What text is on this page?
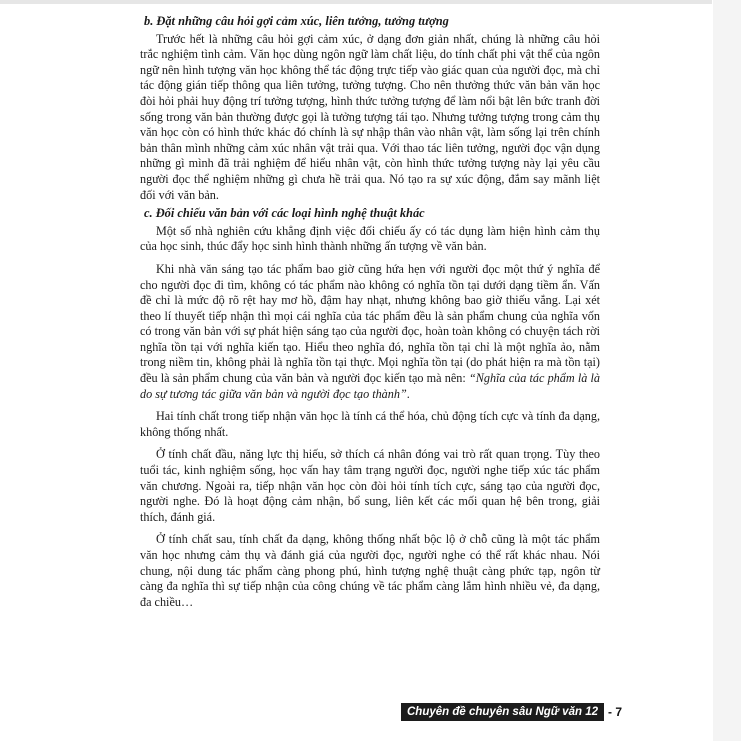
b. Đặt những câu hỏi gợi cảm xúc, liên tưởng, tưởng tượng

Trước hết là những câu hỏi gợi cảm xúc, ở dạng đơn giản nhất, chúng là những câu hỏi trắc nghiệm tình cảm. Văn học dùng ngôn ngữ làm chất liệu, do tính chất phi vật thể của ngôn ngữ nên hình tượng văn học không thể tác động trực tiếp vào giác quan của người đọc, mà chỉ tác động gián tiếp thông qua liên tưởng, tưởng tượng. Cho nên thưởng thức văn bản văn học đòi hỏi phải huy động trí tưởng tượng, hình thức tưởng tượng để làm nổi bật lên bức tranh đời sống trong văn bản thường được gọi là tưởng tượng tái tạo. Nhưng tưởng tượng trong cảm thụ văn học còn có hình thức khác đó chính là sự nhập thân vào nhân vật, làm sống lại trên chính bản thân mình những cảm xúc nhân vật trải qua. Với thao tác liên tưởng, người đọc vận dụng những gì mình đã trải nghiệm để hiểu nhân vật, còn hình thức tưởng tượng này lại yêu cầu người đọc thể nghiệm những gì chưa hề trải qua. Nó tạo ra sự xúc động, đắm say mãnh liệt đối với văn bản.

c. Đối chiếu văn bản với các loại hình nghệ thuật khác

Một số nhà nghiên cứu khẳng định việc đối chiếu ấy có tác dụng làm hiện hình cảm thụ của học sinh, thúc đẩy học sinh hình thành những ấn tượng về văn bản.

Khi nhà văn sáng tạo tác phẩm bao giờ cũng hứa hẹn với người đọc một thứ ý nghĩa để cho người đọc đi tìm, không có tác phẩm nào không có nghĩa tồn tại dưới dạng tiềm ẩn. Vấn đề chỉ là mức độ rõ rệt hay mơ hồ, đậm hay nhạt, nhưng không bao giờ thiếu vắng. Lại xét theo lí thuyết tiếp nhận thì mọi cái nghĩa của tác phẩm đều là sản phẩm chung của nghĩa vốn có trong văn bản với sự phát hiện sáng tạo của người đọc, hoàn toàn không có chuyện tách rời nghĩa tồn tại với nghĩa kiến tạo. Hiểu theo nghĩa đó, nghĩa tồn tại chỉ là một nghĩa ảo, nằm trong niềm tin, không phải là nghĩa tồn tại thực. Mọi nghĩa tồn tại (do phát hiện ra mà tồn tại) đều là sản phẩm chung của văn bản và người đọc kiến tạo mà nên: “Nghĩa của tác phẩm là là do sự tương tác giữa văn bản và người đọc tạo thành”.

Hai tính chất trong tiếp nhận văn học là tính cá thể hóa, chủ động tích cực và tính đa dạng, không thống nhất.

Ở tính chất đầu, năng lực thị hiếu, sở thích cá nhân đóng vai trò rất quan trọng. Tùy theo tuổi tác, kinh nghiệm sống, học vấn hay tâm trạng người đọc, người nghe tiếp xúc tác phẩm văn chương. Ngoài ra, tiếp nhận văn học còn đòi hỏi tính tích cực, sáng tạo của người đọc, người nghe. Đó là hoạt động cảm nhận, bổ sung, liên kết các mối quan hệ bên trong, giải thích, đánh giá.

Ở tính chất sau, tính chất đa dạng, không thống nhất bộc lộ ở chỗ cũng là một tác phẩm văn học nhưng cảm thụ và đánh giá của người đọc, người nghe có thể rất khác nhau. Nói chung, nội dung tác phẩm càng phong phú, hình tượng nghệ thuật càng phức tạp, ngôn từ càng đa nghĩa thì sự tiếp nhận của công chúng về tác phẩm càng lắm hình nhiều vẻ, đa dạng, đa chiều…

Chuyên đề chuyên sâu Ngữ văn 12 - 7
